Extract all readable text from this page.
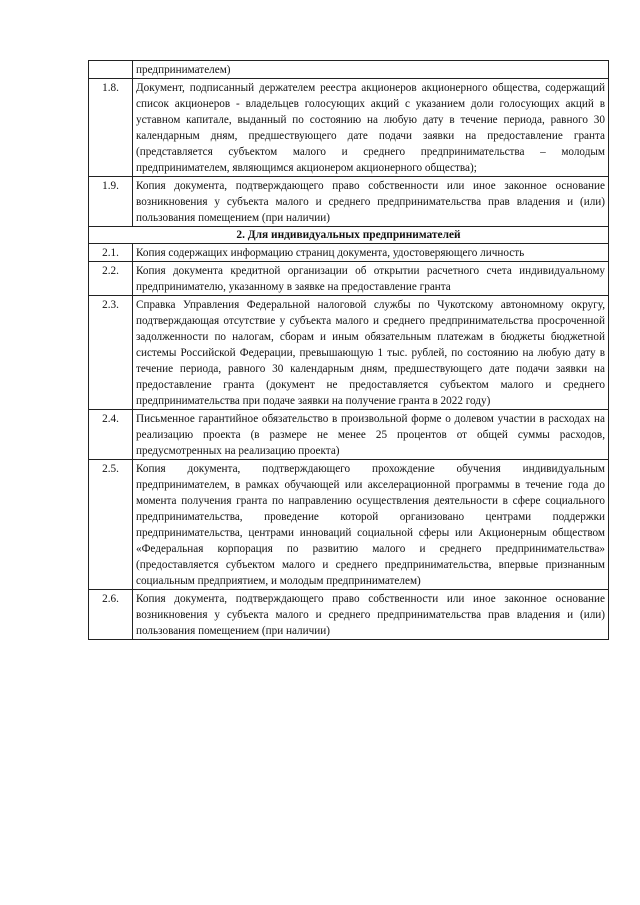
	предпринимателем)
1.8.	Документ, подписанный держателем реестра акционеров акционерного общества, содержащий список акционеров - владельцев голосующих акций с указанием доли голосующих акций в уставном капитале, выданный по состоянию на любую дату в течение периода, равного 30 календарным дням, предшествующего дате подачи заявки на предоставление гранта (представляется субъектом малого и среднего предпринимательства – молодым предпринимателем, являющимся акционером акционерного общества);
1.9.	Копия документа, подтверждающего право собственности или иное законное основание возникновения у субъекта малого и среднего предпринимательства прав владения и (или) пользования помещением (при наличии)
2. Для индивидуальных предпринимателей	
2.1.	Копия содержащих информацию страниц документа, удостоверяющего личность
2.2.	Копия документа кредитной организации об открытии расчетного счета индивидуальному предпринимателю, указанному в заявке на предоставление гранта
2.3.	Справка Управления Федеральной налоговой службы по Чукотскому автономному округу, подтверждающая отсутствие у субъекта малого и среднего предпринимательства просроченной задолженности по налогам, сборам и иным обязательным платежам в бюджеты бюджетной системы Российской Федерации, превышающую 1 тыс. рублей, по состоянию на любую дату в течение периода, равного 30 календарным дням, предшествующего дате подачи заявки на предоставление гранта (документ не предоставляется субъектом малого и среднего предпринимательства при подаче заявки на получение гранта в 2022 году)
2.4.	Письменное гарантийное обязательство в произвольной форме о долевом участии в расходах на реализацию проекта (в размере не менее 25 процентов от общей суммы расходов, предусмотренных на реализацию проекта)
2.5.	Копия документа, подтверждающего прохождение обучения индивидуальным предпринимателем, в рамках обучающей или акселерационной программы в течение года до момента получения гранта по направлению осуществления деятельности в сфере социального предпринимательства, проведение которой организовано центрами поддержки предпринимательства, центрами инноваций социальной сферы или Акционерным обществом «Федеральная корпорация по развитию малого и среднего предпринимательства» (предоставляется субъектом малого и среднего предпринимательства, впервые признанным социальным предприятием, и молодым предпринимателем)
2.6.	Копия документа, подтверждающего право собственности или иное законное основание возникновения у субъекта малого и среднего предпринимательства прав владения и (или) пользования помещением (при наличии)
